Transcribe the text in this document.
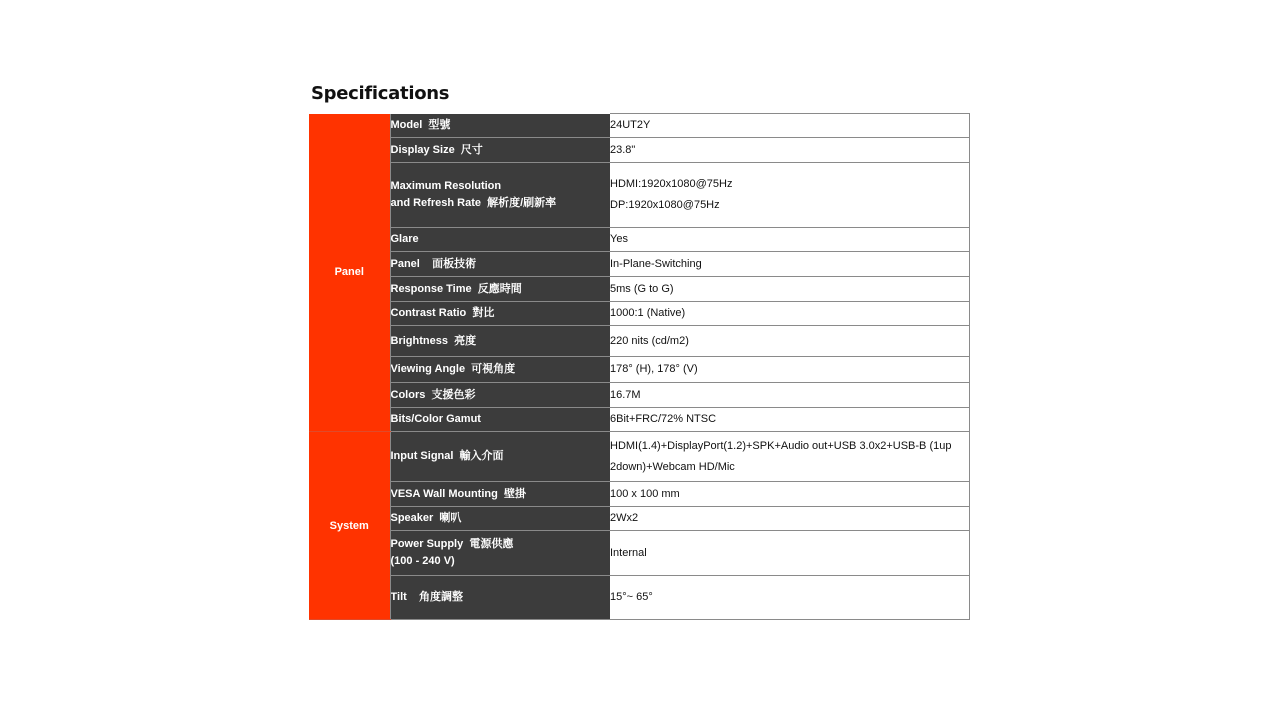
Specifications
Panel	Model  型號	24UT2Y

	Display Size  尺寸	23.8"

	Maximum Resolution
and Refresh Rate  解析度/刷新率	HDMI:1920x1080@75Hz
DP:1920x1080@75Hz

	Glare	Yes

	Panel    面板技術	In-Plane-Switching

	Response Time  反應時間	5ms (G to G)

	Contrast Ratio  對比	1000:1 (Native)

	Brightness  亮度	220 nits (cd/m2)

	Viewing Angle  可視角度	178° (H), 178° (V)

	Colors  支援色彩	16.7M

	Bits/Color Gamut	6Bit+FRC/72% NTSC

System	Input Signal  輸入介面	HDMI(1.4)+DisplayPort(1.2)+SPK+Audio out+USB 3.0x2+USB-B (1up
2down)+Webcam HD/Mic

	VESA Wall Mounting  壁掛	100 x 100 mm

	Speaker  喇叭	2Wx2

	Power Supply  電源供應
(100 - 240 V)	Internal

	Tilt    角度調整	15°~ 65°
